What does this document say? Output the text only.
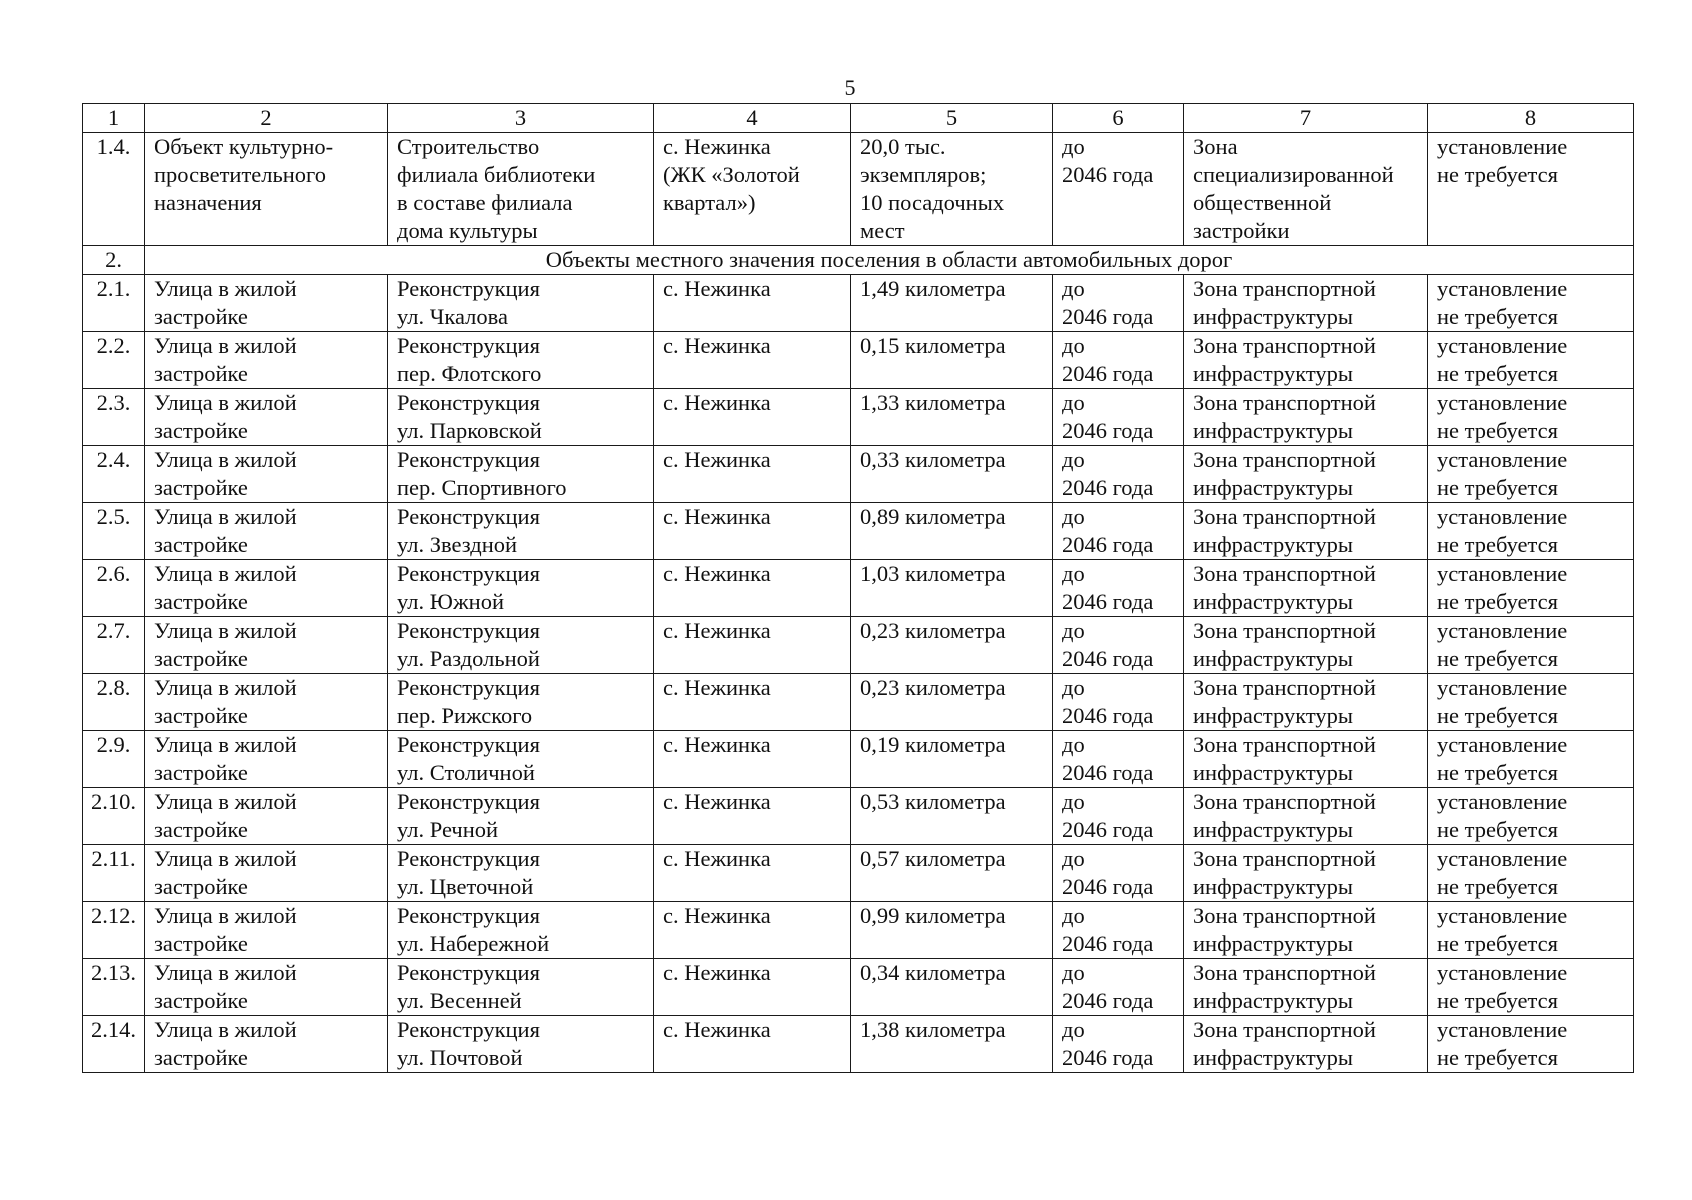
5
1	2	3	4	5	6	7	8
1.4.	Объект культурно-
просветительного
назначения	Строительство
филиала библиотеки
в составе филиала
дома культуры	с. Нежинка
(ЖК «Золотой
квартал»)	20,0 тыс.
экземпляров;
10 посадочных
мест	до
2046 года	Зона
специализированной
общественной
застройки	установление
не требуется

2.	Объекты местного значения поселения в области автомобильных дорог						
2.1.	Улица в жилой
застройке	Реконструкция
ул. Чкалова	с. Нежинка	1,49 километра	до
2046 года	Зона транспортной
инфраструктуры	установление
не требуется

2.2.	Улица в жилой
застройке	Реконструкция
пер. Флотского	с. Нежинка	0,15 километра	до
2046 года	Зона транспортной
инфраструктуры	установление
не требуется

2.3.	Улица в жилой
застройке	Реконструкция
ул. Парковской	с. Нежинка	1,33 километра	до
2046 года	Зона транспортной
инфраструктуры	установление
не требуется

2.4.	Улица в жилой
застройке	Реконструкция
пер. Спортивного	с. Нежинка	0,33 километра	до
2046 года	Зона транспортной
инфраструктуры	установление
не требуется

2.5.	Улица в жилой
застройке	Реконструкция
ул. Звездной	с. Нежинка	0,89 километра	до
2046 года	Зона транспортной
инфраструктуры	установление
не требуется

2.6.	Улица в жилой
застройке	Реконструкция
ул. Южной	с. Нежинка	1,03 километра	до
2046 года	Зона транспортной
инфраструктуры	установление
не требуется

2.7.	Улица в жилой
застройке	Реконструкция
ул. Раздольной	с. Нежинка	0,23 километра	до
2046 года	Зона транспортной
инфраструктуры	установление
не требуется

2.8.	Улица в жилой
застройке	Реконструкция
пер. Рижского	с. Нежинка	0,23 километра	до
2046 года	Зона транспортной
инфраструктуры	установление
не требуется

2.9.	Улица в жилой
застройке	Реконструкция
ул. Столичной	с. Нежинка	0,19 километра	до
2046 года	Зона транспортной
инфраструктуры	установление
не требуется

2.10.	Улица в жилой
застройке	Реконструкция
ул. Речной	с. Нежинка	0,53 километра	до
2046 года	Зона транспортной
инфраструктуры	установление
не требуется

2.11.	Улица в жилой
застройке	Реконструкция
ул. Цветочной	с. Нежинка	0,57 километра	до
2046 года	Зона транспортной
инфраструктуры	установление
не требуется

2.12.	Улица в жилой
застройке	Реконструкция
ул. Набережной	с. Нежинка	0,99 километра	до
2046 года	Зона транспортной
инфраструктуры	установление
не требуется

2.13.	Улица в жилой
застройке	Реконструкция
ул. Весенней	с. Нежинка	0,34 километра	до
2046 года	Зона транспортной
инфраструктуры	установление
не требуется

2.14.	Улица в жилой
застройке	Реконструкция
ул. Почтовой	с. Нежинка	1,38 километра	до
2046 года	Зона транспортной
инфраструктуры	установление
не требуется
